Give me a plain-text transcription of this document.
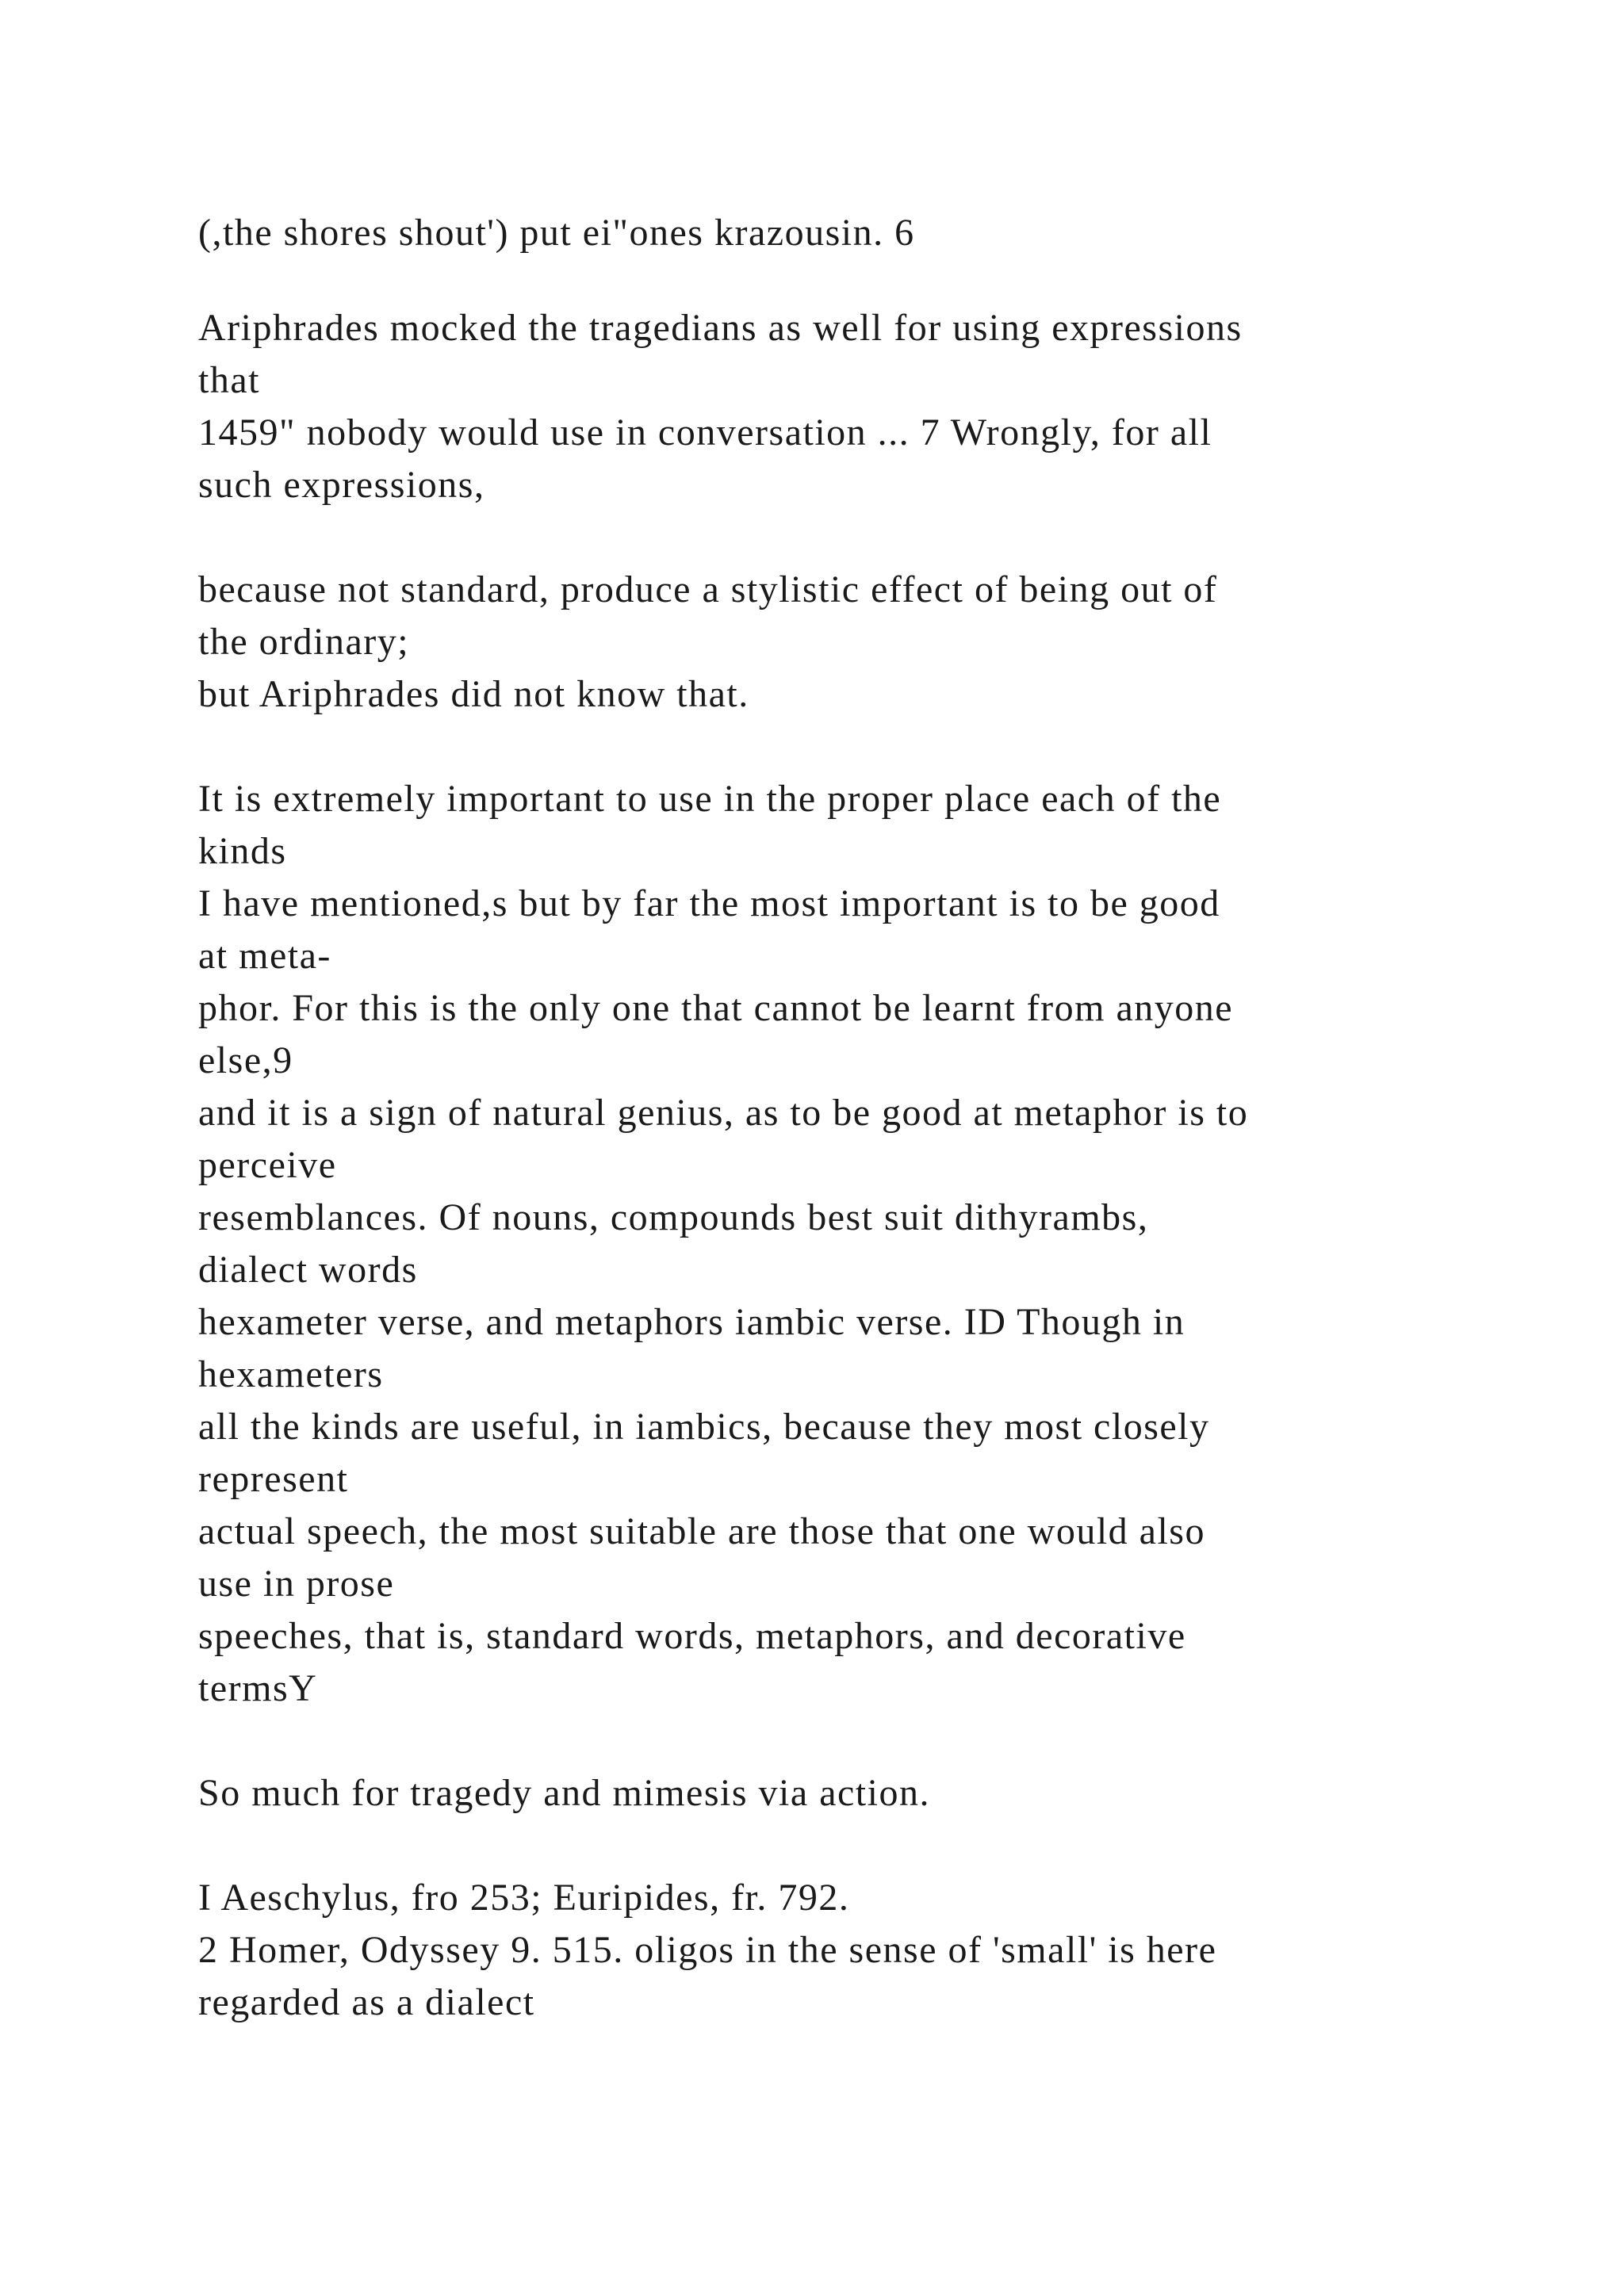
(,the shores shout') put ei"ones krazousin. 6
Ariphrades mocked the tragedians as well for using expressions
that
1459" nobody would use in conversation ... 7 Wrongly, for all
such expressions,
because not standard, produce a stylistic effect of being out of
the ordinary;
but Ariphrades did not know that.
It is extremely important to use in the proper place each of the
kinds
I have mentioned,s but by far the most important is to be good
at meta-
phor. For this is the only one that cannot be learnt from anyone
else,9
and it is a sign of natural genius, as to be good at metaphor is to
perceive
resemblances. Of nouns, compounds best suit dithyrambs,
dialect words
hexameter verse, and metaphors iambic verse. ID Though in
hexameters
all the kinds are useful, in iambics, because they most closely
represent
actual speech, the most suitable are those that one would also
use in prose
speeches, that is, standard words, metaphors, and decorative
termsY
So much for tragedy and mimesis via action.
I Aeschylus, fro 253; Euripides, fr. 792.
2 Homer, Odyssey 9. 515. oligos in the sense of 'small' is here
regarded as a dialect
